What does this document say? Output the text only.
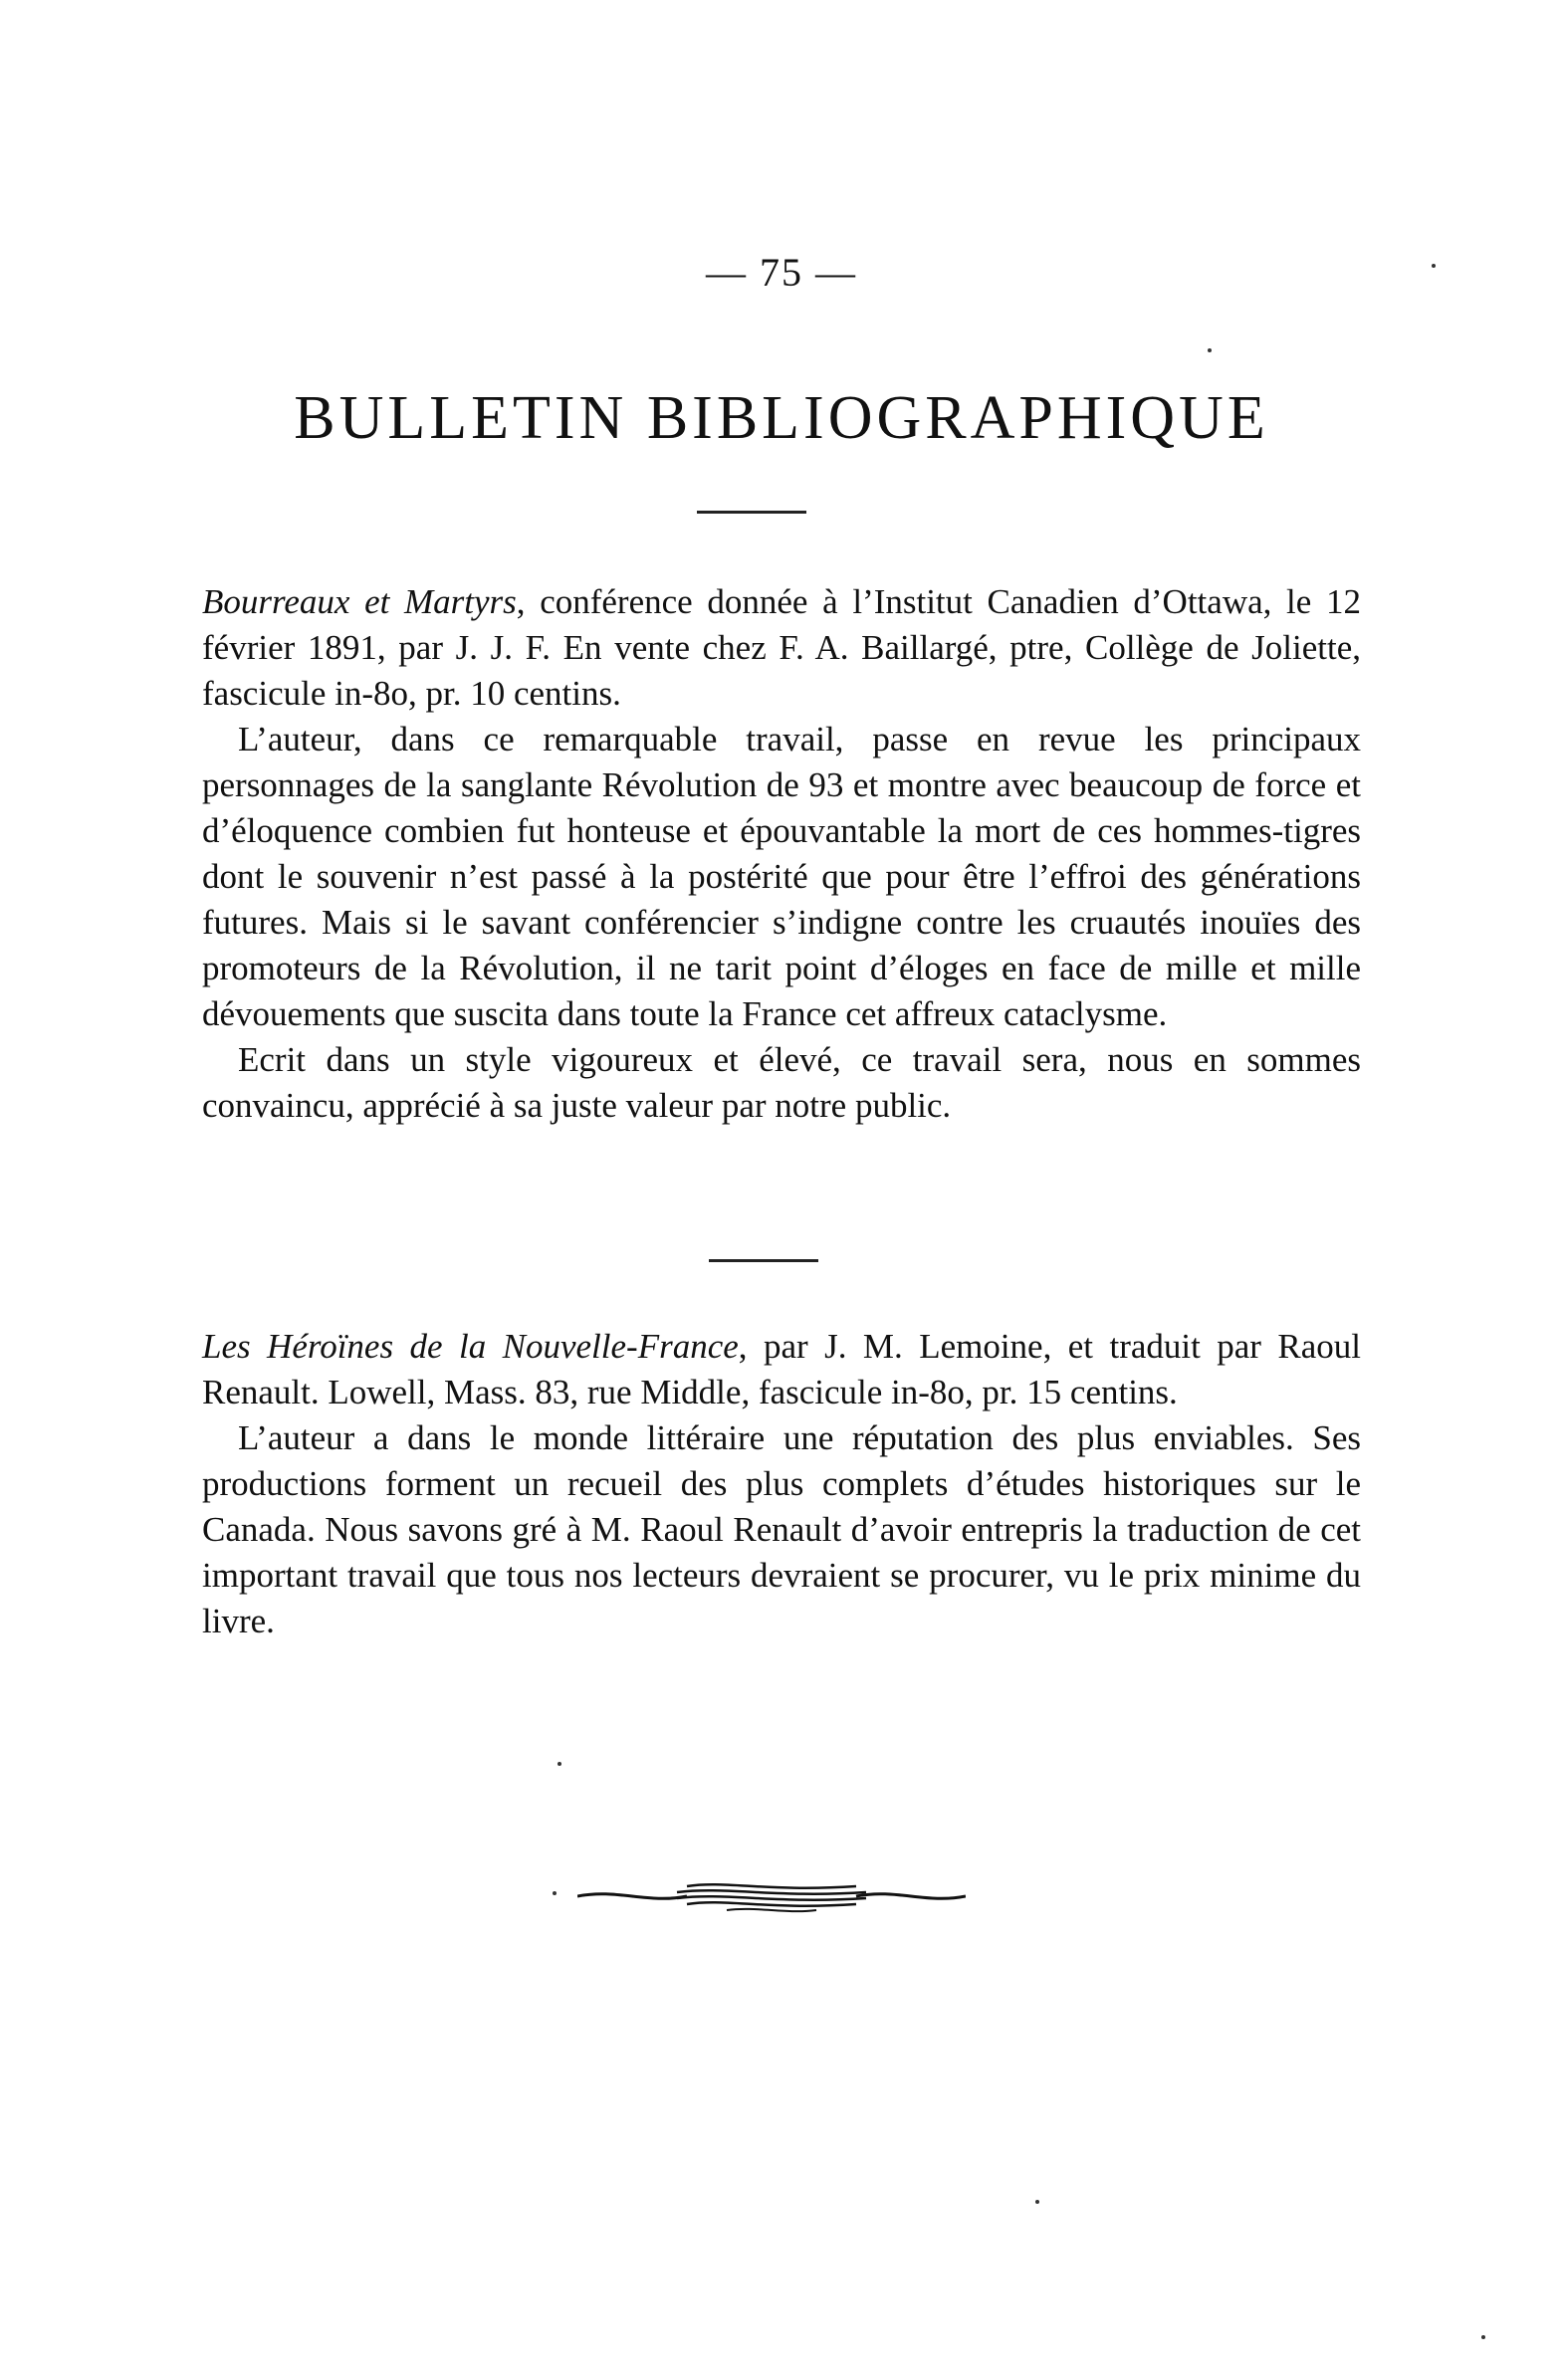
— 75 —
BULLETIN BIBLIOGRAPHIQUE

Bourreaux et Martyrs, conférence donnée à l’Institut Canadien d’Ottawa, le 12 février 1891, par J. J. F. En vente chez F. A. Baillargé, ptre, Collège de Joliette, fascicule in-8o, pr. 10 centins.

L’auteur, dans ce remarquable travail, passe en revue les principaux personnages de la sanglante Révolution de 93 et montre avec beaucoup de force et d’éloquence combien fut honteuse et épouvantable la mort de ces hommes-tigres dont le souvenir n’est passé à la postérité que pour être l’effroi des générations futures. Mais si le savant conférencier s’indigne contre les cruautés inouïes des promoteurs de la Révolution, il ne tarit point d’éloges en face de mille et mille dévouements que suscita dans toute la France cet affreux cataclysme.

Ecrit dans un style vigoureux et élevé, ce travail sera, nous en sommes convaincu, apprécié à sa juste valeur par notre public.

Les Héroïnes de la Nouvelle-France, par J. M. Lemoine, et traduit par Raoul Renault. Lowell, Mass. 83, rue Middle, fascicule in-8o, pr. 15 centins.

L’auteur a dans le monde littéraire une réputation des plus enviables. Ses productions forment un recueil des plus complets d’études historiques sur le Canada. Nous savons gré à M. Raoul Renault d’avoir entrepris la traduction de cet important travail que tous nos lecteurs devraient se procurer, vu le prix minime du livre.
